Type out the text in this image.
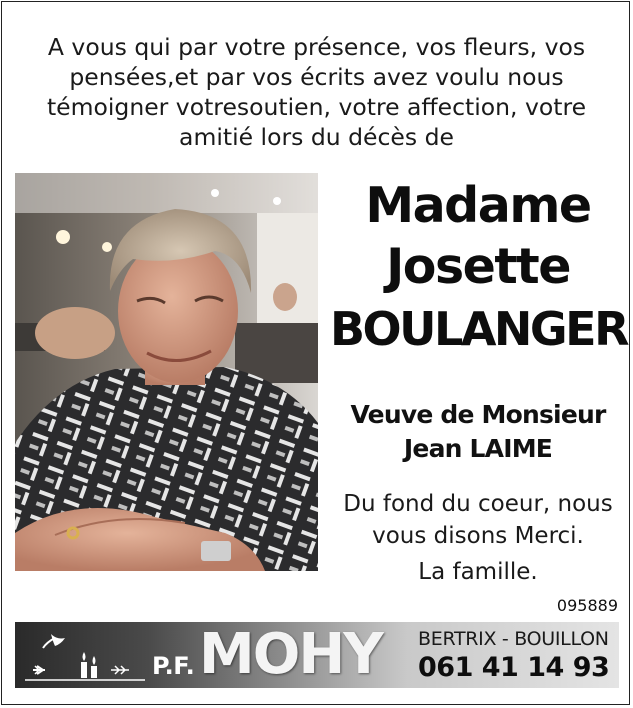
A vous qui par votre présence, vos fleurs, vos
pensées,et par vos écrits avez voulu nous
témoigner votresoutien, votre affection, votre
amitié lors du décès de
Madame
Josette
BOULANGER
Veuve de Monsieur
Jean LAIME
Du fond du coeur, nous
vous disons Merci.
La famille.
095889
P.F. MOHY BERTRIX - BOUILLON
061 41 14 93
